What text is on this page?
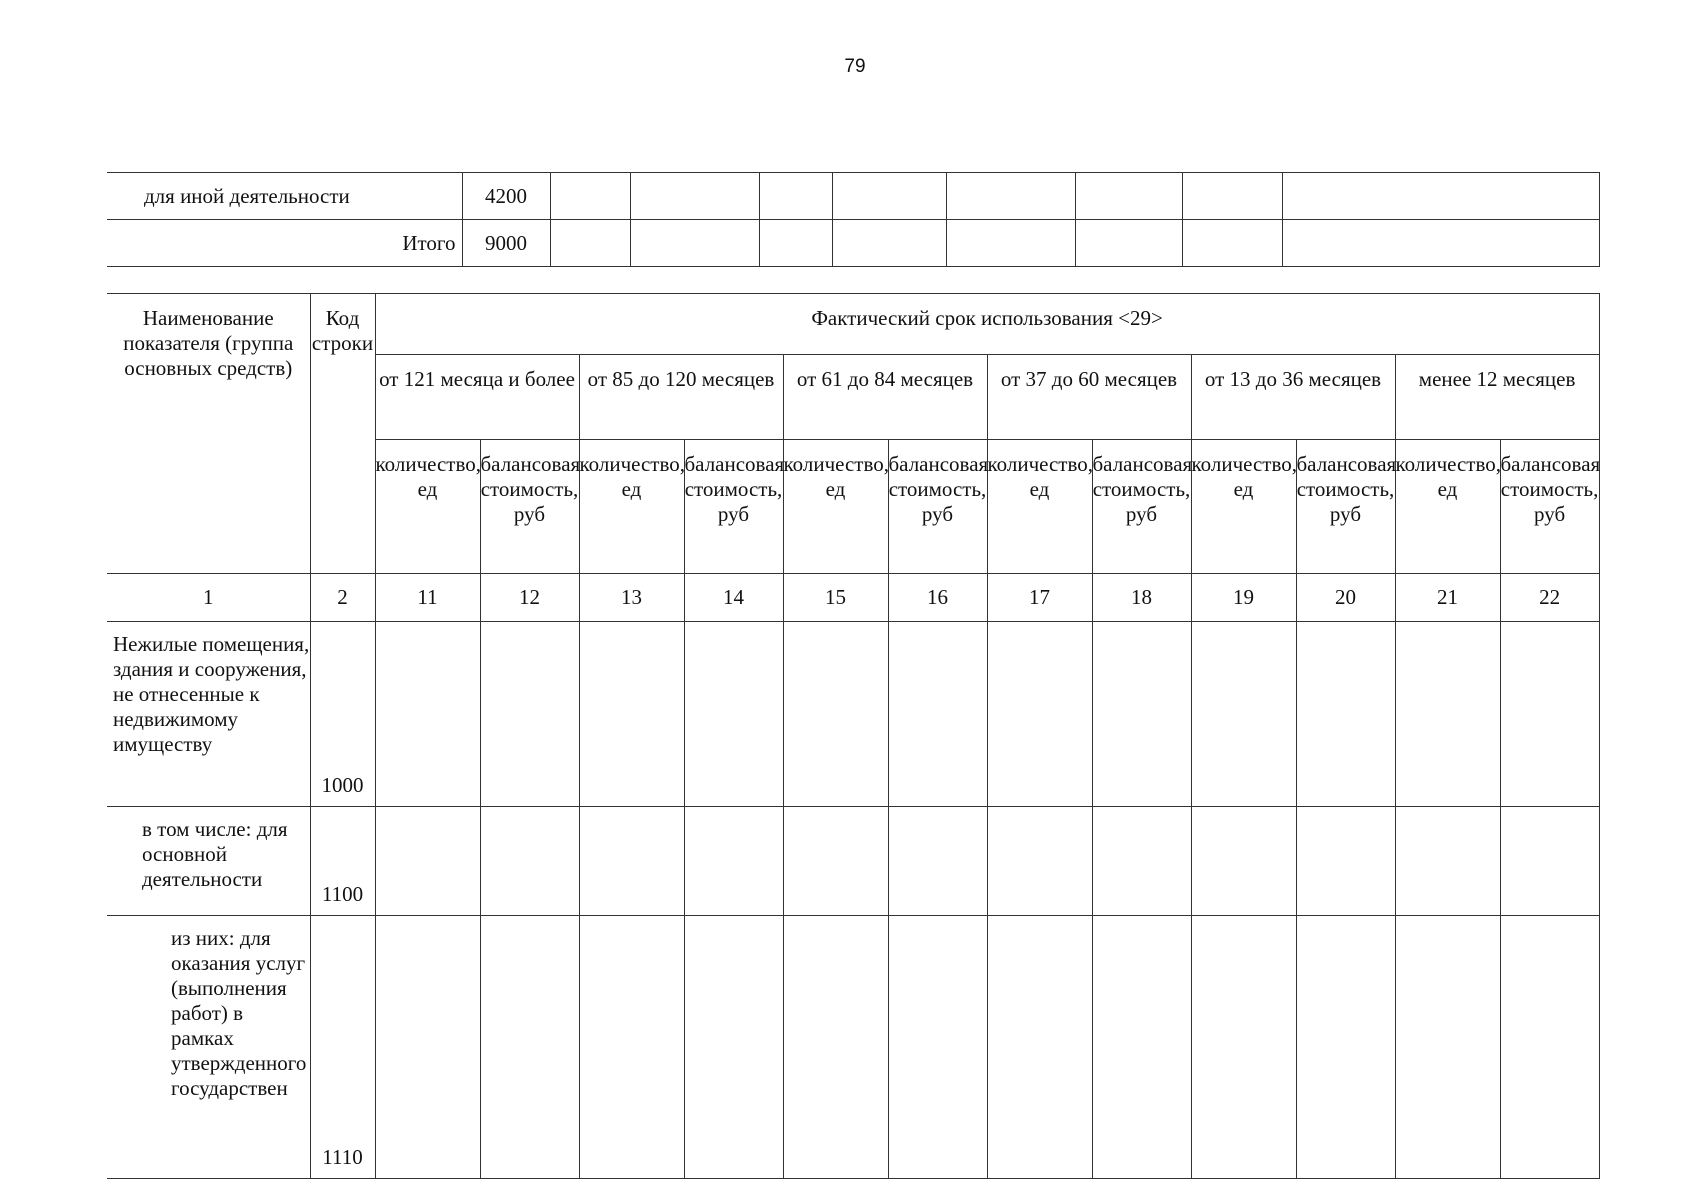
79
для иной деятельности	4200								
Итого	9000								
Наименование показателя (группа основных средств)	Код строки	Фактический срок использования <29>											
		от 121 месяца и более		от 85 до 120 месяцев		от 61 до 84 месяцев		от 37 до 60 месяцев		от 13 до 36 месяцев		менее 12 месяцев	
		количество, ед	балансовая стоимость, руб	количество, ед	балансовая стоимость, руб	количество, ед	балансовая стоимость, руб	количество, ед	балансовая стоимость, руб	количество, ед	балансовая стоимость, руб	количество, ед	балансовая стоимость, руб
1	2	11	12	13	14	15	16	17	18	19	20	21	22
Нежилые помещения, здания и сооружения, не отнесенные к недвижимому имуществу	1000												
в том числе: для основной деятельности	1100												
из них: для оказания услуг (выполнения работ) в рамках утвержденного государствен	1110												
